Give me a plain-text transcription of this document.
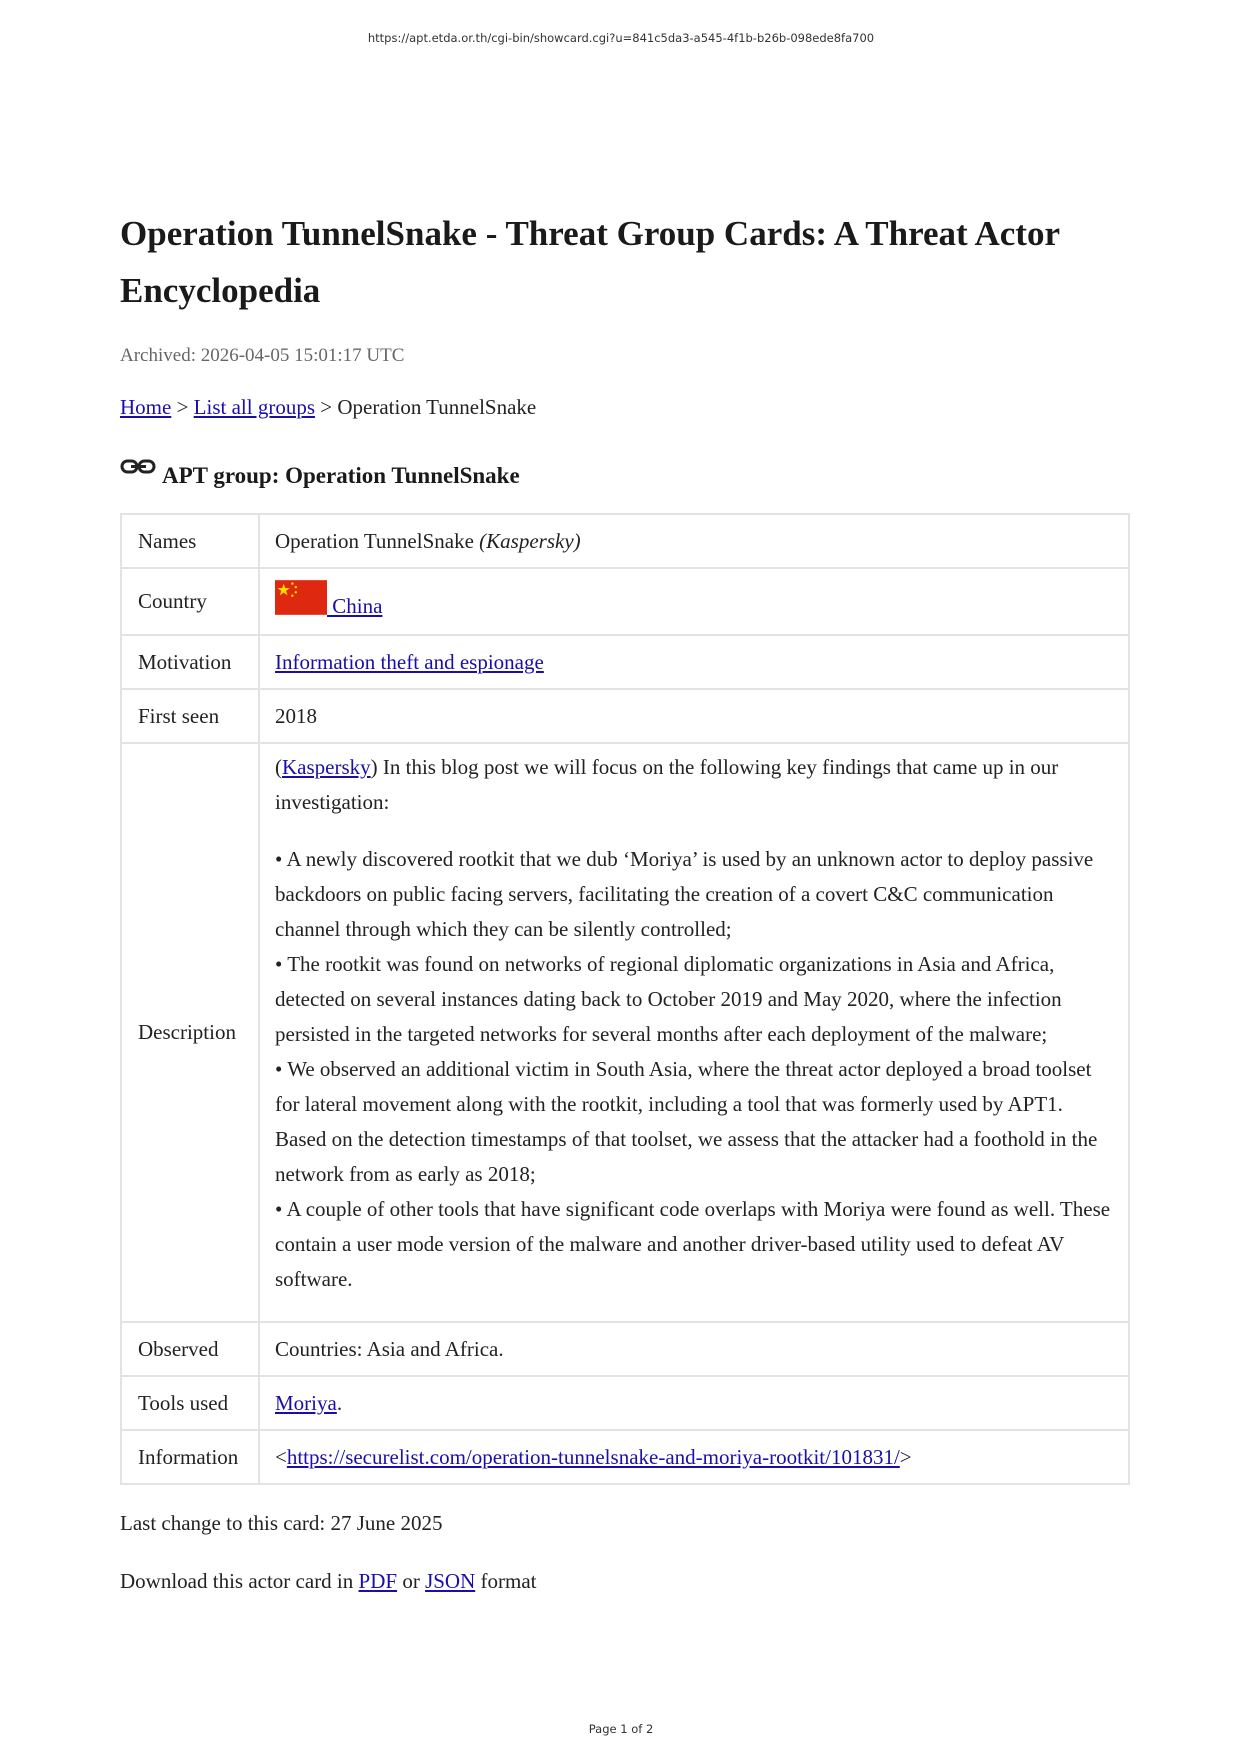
https://apt.etda.or.th/cgi-bin/showcard.cgi?u=841c5da3-a545-4f1b-b26b-098ede8fa700
Operation TunnelSnake - Threat Group Cards: A Threat Actor Encyclopedia
Archived: 2026-04-05 15:01:17 UTC
Home > List all groups > Operation TunnelSnake
APT group: Operation TunnelSnake
Names	Operation TunnelSnake (Kaspersky)
Country	China
Motivation	Information theft and espionage
First seen	2018
Description	(Kaspersky) In this blog post we will focus on the following key findings that came up in our investigation:

• A newly discovered rootkit that we dub ‘Moriya’ is used by an unknown actor to deploy passive backdoors on public facing servers, facilitating the creation of a covert C&C communication channel through which they can be silently controlled;

• The rootkit was found on networks of regional diplomatic organizations in Asia and Africa, detected on several instances dating back to October 2019 and May 2020, where the infection persisted in the targeted networks for several months after each deployment of the malware;

• We observed an additional victim in South Asia, where the threat actor deployed a broad toolset for lateral movement along with the rootkit, including a tool that was formerly used by APT1. Based on the detection timestamps of that toolset, we assess that the attacker had a foothold in the network from as early as 2018;

• A couple of other tools that have significant code overlaps with Moriya were found as well. These contain a user mode version of the malware and another driver-based utility used to defeat AV software.

Observed	Countries: Asia and Africa.
Tools used	Moriya.
Information	<https://securelist.com/operation-tunnelsnake-and-moriya-rootkit/101831/>
Last change to this card: 27 June 2025
Download this actor card in PDF or JSON format
Page 1 of 2
